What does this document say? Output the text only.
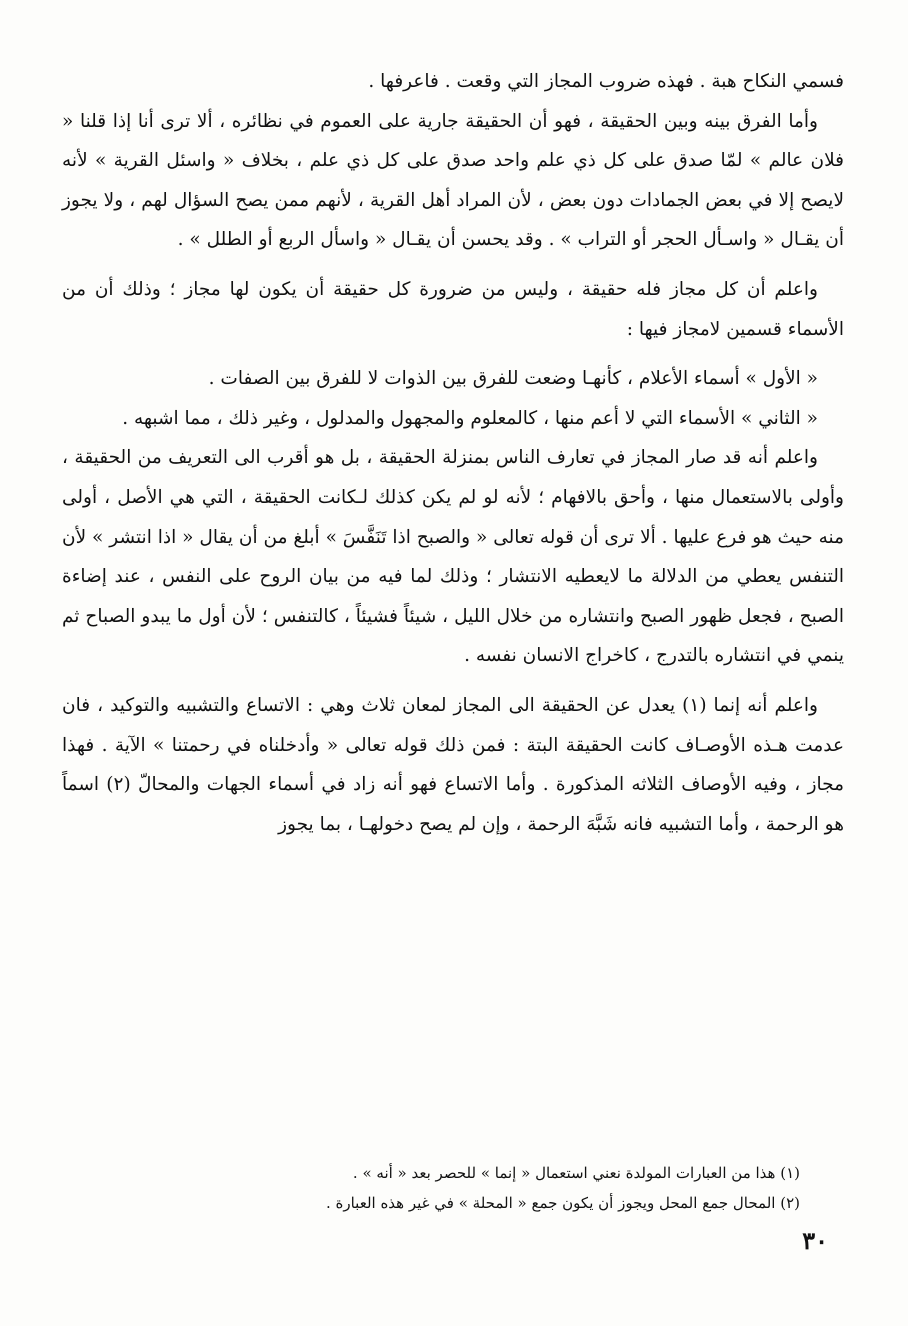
فسمي النكاح هبة . فهذه ضروب المجاز التي وقعت . فاعرفها .

وأما الفرق بينه وبين الحقيقة ، فهو أن الحقيقة جارية على العموم في نظائره ، ألا ترى أنا إذا قلنا « فلان عالم » لمّا صدق على كل ذي علم واحد صدق على كل ذي علم ، بخلاف « واسئل القرية » لأنه لايصح إلا في بعض الجمادات دون بعض ، لأن المراد أهل القرية ، لأنهم ممن يصح السؤال لهم ، ولا يجوز أن يقـال « واسـأل الحجر أو التراب » . وقد يحسن أن يقـال « واسأل الربع أو الطلل » .

واعلم أن كل مجاز فله حقيقة ، وليس من ضرورة كل حقيقة أن يكون لها مجاز ؛ وذلك أن من الأسماء قسمين لامجاز فيها :

« الأول » أسماء الأعلام ، كأنهـا وضعت للفرق بين الذوات لا للفرق بين الصفات .

« الثاني » الأسماء التي لا أعم منها ، كالمعلوم والمجهول والمدلول ، وغير ذلك ، مما اشبهه .

واعلم أنه قد صار المجاز في تعارف الناس بمنزلة الحقيقة ، بل هو أقرب الى التعريف من الحقيقة ، وأولى بالاستعمال منها ، وأحق بالافهام ؛ لأنه لو لم يكن كذلك لـكانت الحقيقة ، التي هي الأصل ، أولى منه حيث هو فرع عليها . ألا ترى أن قوله تعالى « والصبح اذا تَنَفَّسَ » أبلغ من أن يقال « اذا انتشر » لأن التنفس يعطي من الدلالة ما لايعطيه الانتشار ؛ وذلك لما فيه من بيان الروح على النفس ، عند إضاءة الصبح ، فجعل ظهور الصبح وانتشاره من خلال الليل ، شيئاً فشيئاً ، كالتنفس ؛ لأن أول ما يبدو الصباح ثم ينمي في انتشاره بالتدرج ، كاخراج الانسان نفسه .

واعلم أنه إنما (١) يعدل عن الحقيقة الى المجاز لمعان ثلاث وهي : الاتساع والتشبيه والتوكيد ، فان عدمت هـذه الأوصـاف كانت الحقيقة البتة : فمن ذلك قوله تعالى « وأدخلناه في رحمتنا » الآية . فهذا مجاز ، وفيه الأوصاف الثلاثه المذكورة . وأما الاتساع فهو أنه زاد في أسماء الجهات والمحالّ (٢) اسماً هو الرحمة ، وأما التشبيه فانه شَبَّهَ الرحمة ، وإن لم يصح دخولهـا ، بما يجوز

(١) هذا من العبارات المولدة نعني استعمال « إنما » للحصر بعد « أنه » .

(٢) المحال جمع المحل ويجوز أن يكون جمع « المحلة » في غير هذه العبارة .

٣٠
